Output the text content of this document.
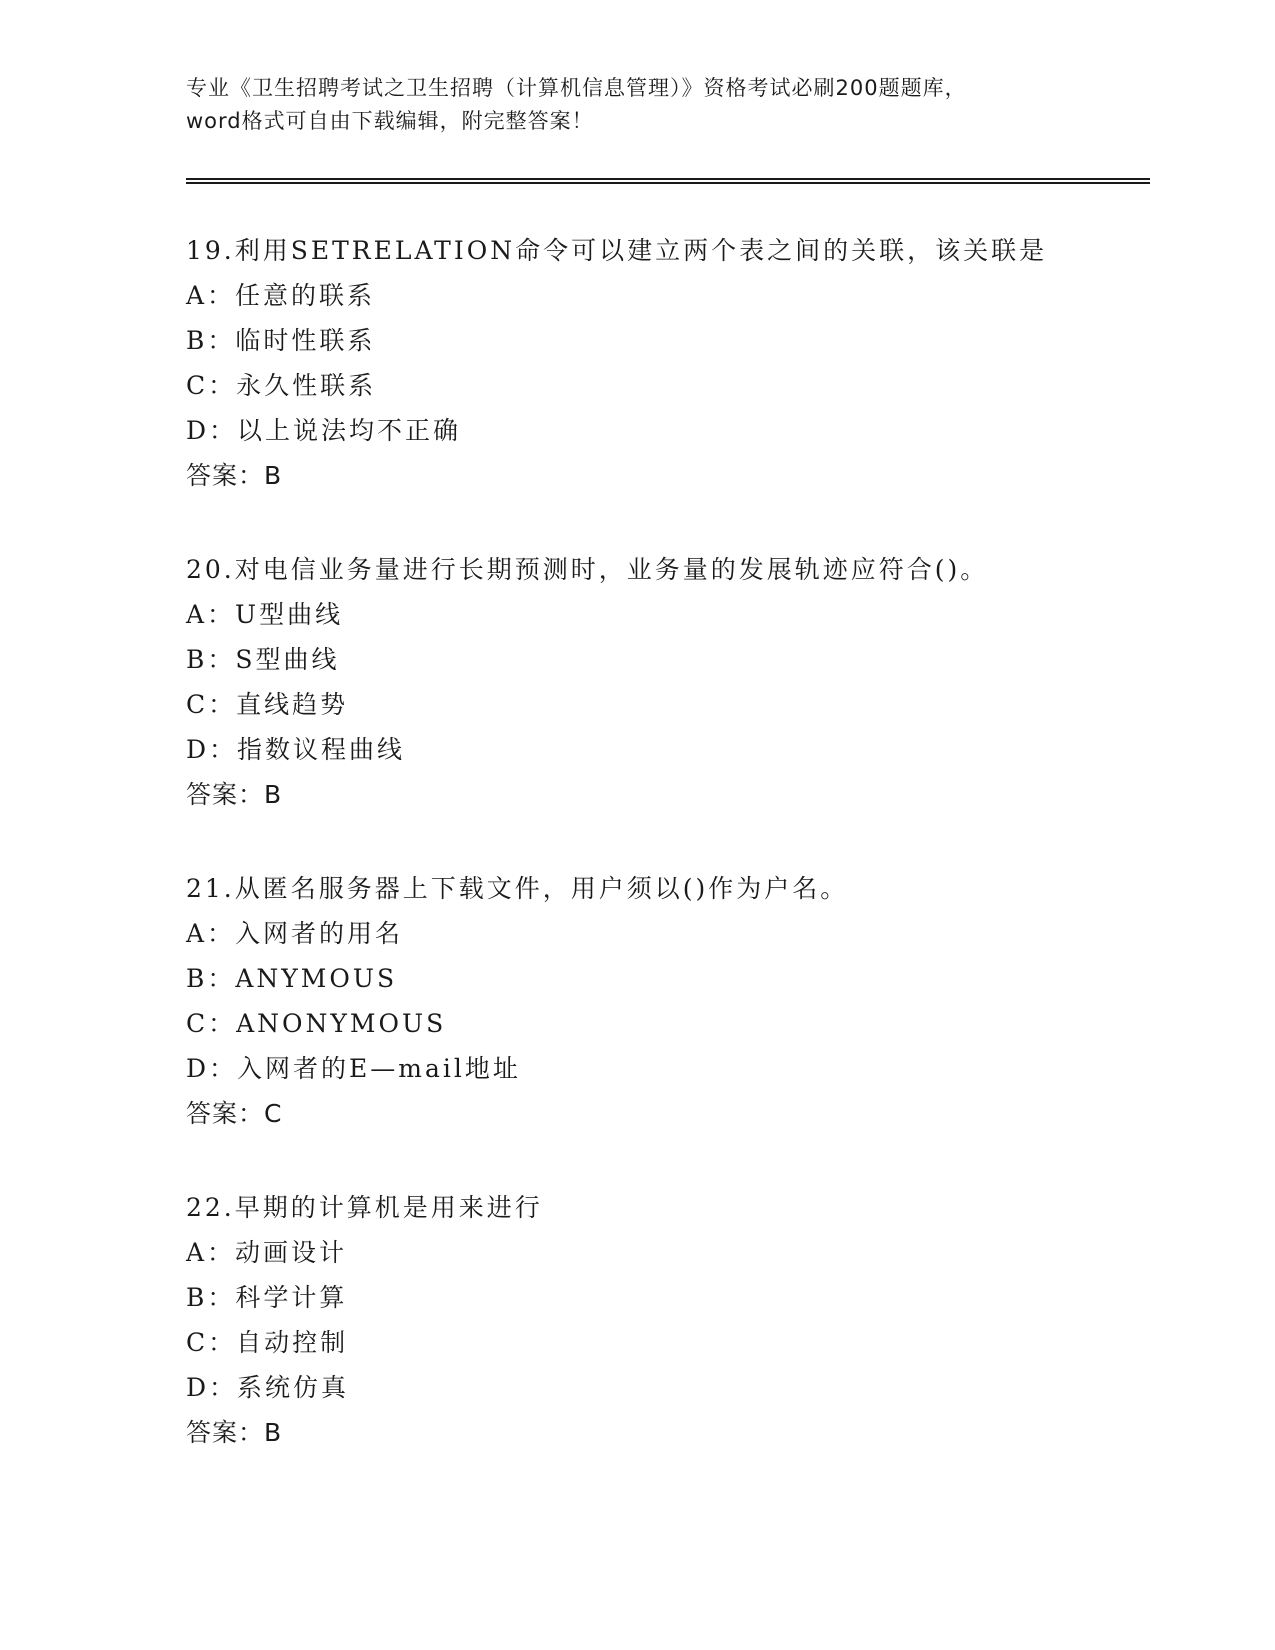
专业《卫生招聘考试之卫生招聘（计算机信息管理）》资格考试必刷200题题库，
word格式可自由下载编辑，附完整答案！
19.利用SETRELATION命令可以建立两个表之间的关联，该关联是
A：任意的联系
B：临时性联系
C：永久性联系
D：以上说法均不正确
答案：B
20.对电信业务量进行长期预测时，业务量的发展轨迹应符合()。
A：U型曲线
B：S型曲线
C：直线趋势
D：指数议程曲线
答案：B
21.从匿名服务器上下载文件，用户须以()作为户名。
A：入网者的用名
B：ANYMOUS
C：ANONYMOUS
D：入网者的E—mail地址
答案：C
22.早期的计算机是用来进行
A：动画设计
B：科学计算
C：自动控制
D：系统仿真
答案：B
